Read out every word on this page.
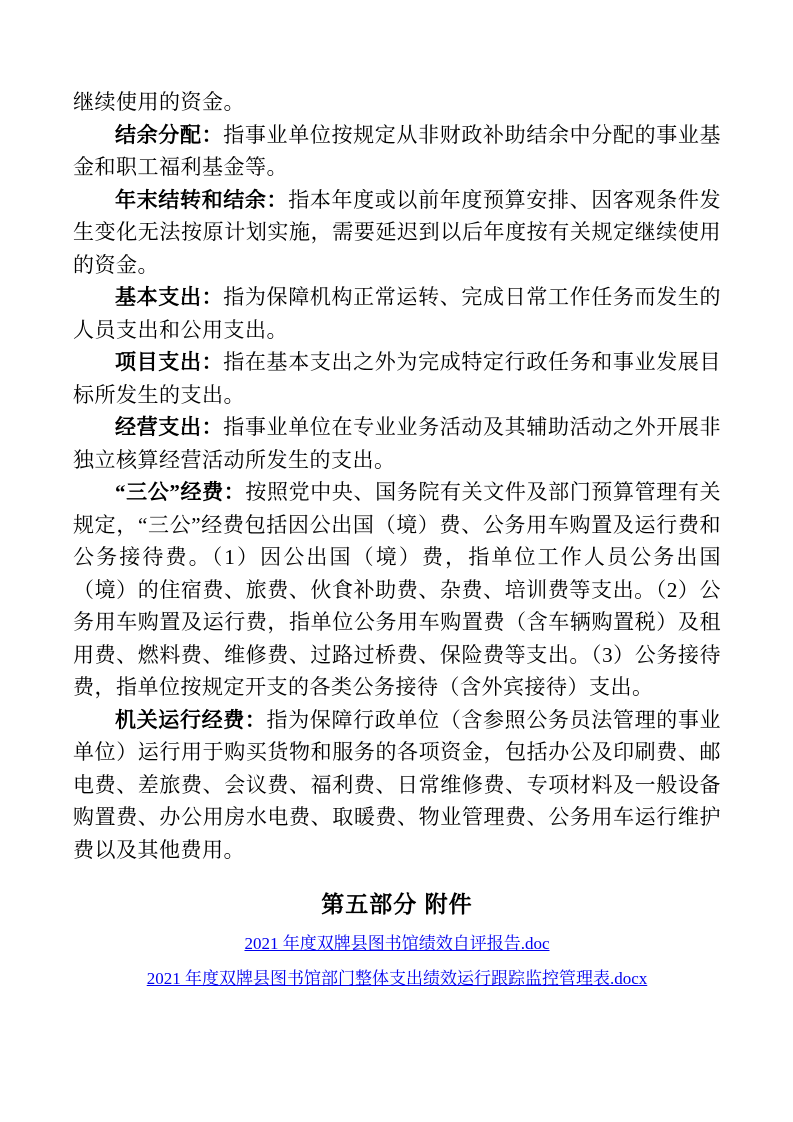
继续使用的资金。

结余分配：指事业单位按规定从非财政补助结余中分配的事业基金和职工福利基金等。

年末结转和结余：指本年度或以前年度预算安排、因客观条件发生变化无法按原计划实施，需要延迟到以后年度按有关规定继续使用的资金。

基本支出：指为保障机构正常运转、完成日常工作任务而发生的人员支出和公用支出。

项目支出：指在基本支出之外为完成特定行政任务和事业发展目标所发生的支出。

经营支出：指事业单位在专业业务活动及其辅助活动之外开展非独立核算经营活动所发生的支出。

“三公”经费：按照党中央、国务院有关文件及部门预算管理有关规定，“三公”经费包括因公出国（境）费、公务用车购置及运行费和公务接待费。（1）因公出国（境）费，指单位工作人员公务出国（境）的住宿费、旅费、伙食补助费、杂费、培训费等支出。（2）公务用车购置及运行费，指单位公务用车购置费（含车辆购置税）及租用费、燃料费、维修费、过路过桥费、保险费等支出。（3）公务接待费，指单位按规定开支的各类公务接待（含外宾接待）支出。

机关运行经费：指为保障行政单位（含参照公务员法管理的事业单位）运行用于购买货物和服务的各项资金，包括办公及印刷费、邮电费、差旅费、会议费、福利费、日常维修费、专项材料及一般设备购置费、办公用房水电费、取暖费、物业管理费、公务用车运行维护费以及其他费用。

第五部分 附件

2021 年度双牌县图书馆绩效自评报告.doc

2021 年度双牌县图书馆部门整体支出绩效运行跟踪监控管理表.docx
